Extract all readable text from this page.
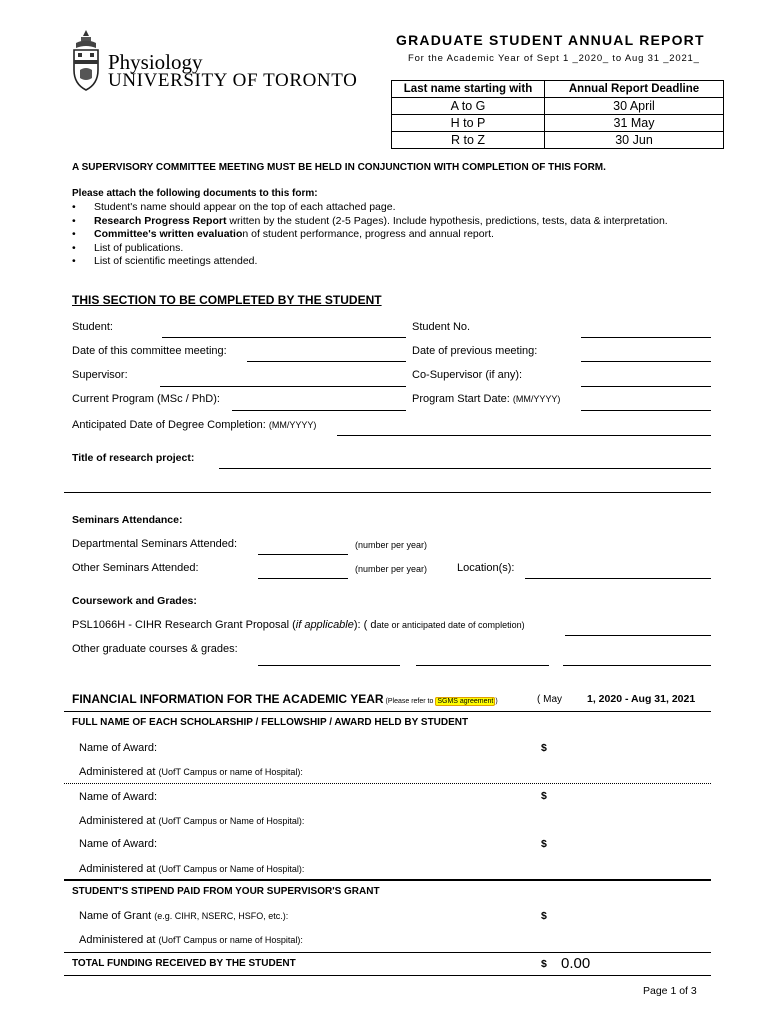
Physiology
UNIVERSITY OF TORONTO
GRADUATE STUDENT ANNUAL REPORT
For the Academic Year of Sept 1 _2020_ to Aug 31 _2021_
Last name starting with	Annual Report Deadline
A to G	30 April
H to P	31 May
R to Z	30 Jun
A SUPERVISORY COMMITTEE MEETING MUST BE HELD IN CONJUNCTION WITH COMPLETION OF THIS FORM.
Please attach the following documents to this form:
• Student's name should appear on the top of each attached page.
• Research Progress Report written by the student (2-5 Pages). Include hypothesis, predictions, tests, data & interpretation.
• Committee's written evaluation of student performance, progress and annual report.
• List of publications.
• List of scientific meetings attended.
THIS SECTION TO BE COMPLETED BY THE STUDENT
Student:	Student No.
Date of this committee meeting:	Date of previous meeting:
Supervisor:	Co-Supervisor (if any):
Current Program (MSc / PhD):	Program Start Date: (MM/YYYY)
Anticipated Date of Degree Completion: (MM/YYYY)
Title of research project:
Seminars Attendance:
Departmental Seminars Attended:	(number per year)
Other Seminars Attended:	(number per year)	Location(s):
Coursework and Grades:
PSL1066H - CIHR Research Grant Proposal (if applicable): ( date or anticipated date of completion)
Other graduate courses & grades:
FINANCIAL INFORMATION FOR THE ACADEMIC YEAR (Please refer to SGMS agreement )	( May 1, 2020 - Aug 31, 2021
FULL NAME OF EACH SCHOLARSHIP / FELLOWSHIP / AWARD HELD BY STUDENT
Name of Award:	$
Administered at (UofT Campus or name of Hospital):
Name of Award:	$
Administered at (UofT Campus or Name of Hospital):
Name of Award:	$
Administered at (UofT Campus or Name of Hospital):
STUDENT'S STIPEND PAID FROM YOUR SUPERVISOR'S GRANT
Name of Grant (e.g. CIHR, NSERC, HSFO, etc.):	$
Administered at (UofT Campus or name of Hospital):
TOTAL FUNDING RECEIVED BY THE STUDENT	$ 0.00
Page 1 of 3
